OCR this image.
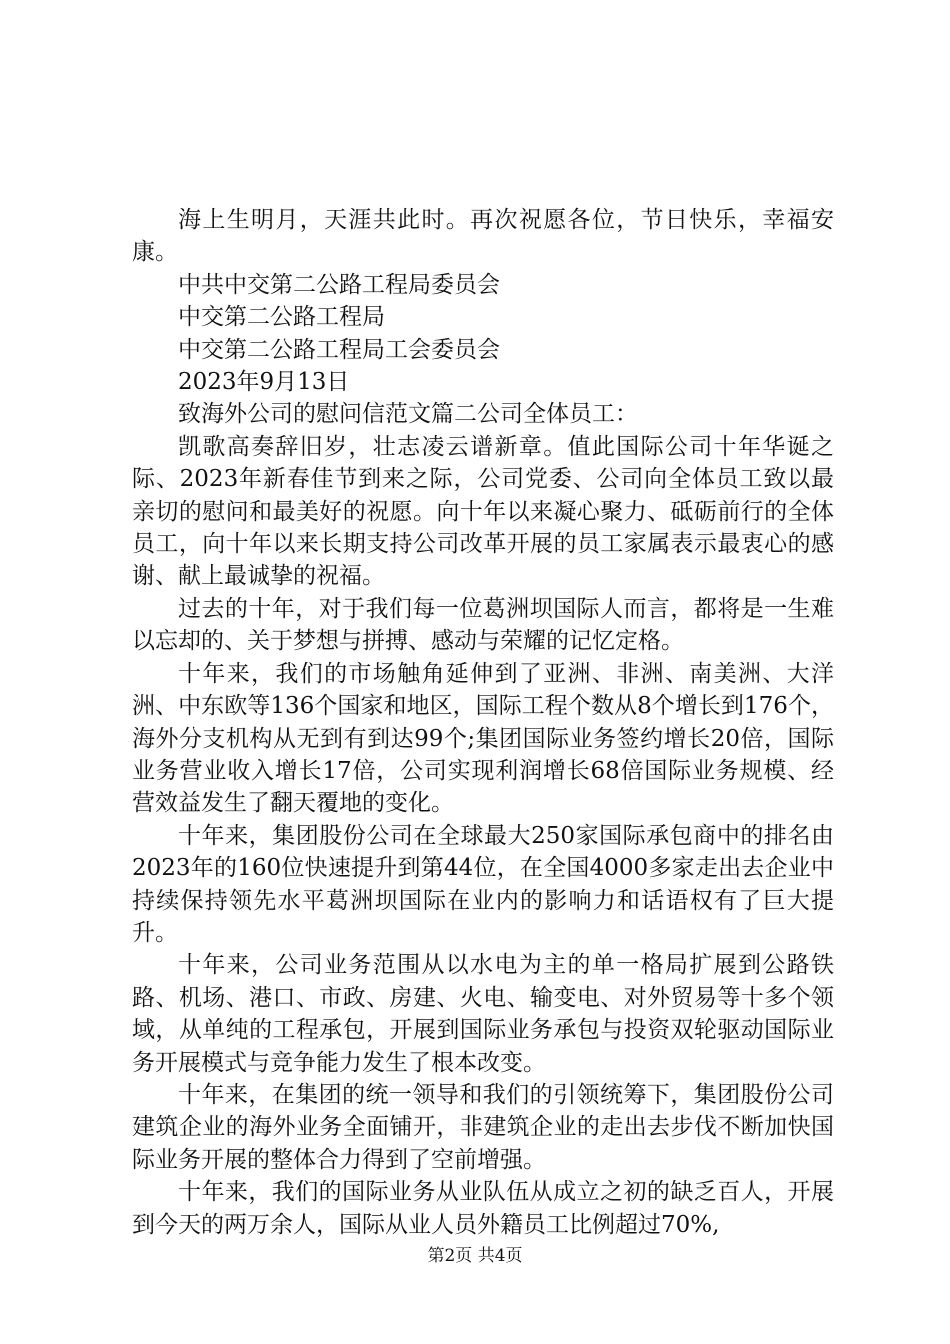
海上生明月，天涯共此时。再次祝愿各位，节日快乐，幸福安康。

中共中交第二公路工程局委员会

中交第二公路工程局

中交第二公路工程局工会委员会

2023年9月13日

致海外公司的慰问信范文篇二公司全体员工：

凯歌高奏辞旧岁，壮志凌云谱新章。值此国际公司十年华诞之际、2023年新春佳节到来之际，公司党委、公司向全体员工致以最亲切的慰问和最美好的祝愿。向十年以来凝心聚力、砥砺前行的全体员工，向十年以来长期支持公司改革开展的员工家属表示最衷心的感谢、献上最诚挚的祝福。

过去的十年，对于我们每一位葛洲坝国际人而言，都将是一生难以忘却的、关于梦想与拼搏、感动与荣耀的记忆定格。

十年来，我们的市场触角延伸到了亚洲、非洲、南美洲、大洋洲、中东欧等136个国家和地区，国际工程个数从8个增长到176个，海外分支机构从无到有到达99个;集团国际业务签约增长20倍，国际业务营业收入增长17倍，公司实现利润增长68倍国际业务规模、经营效益发生了翻天覆地的变化。

十年来，集团股份公司在全球最大250家国际承包商中的排名由2023年的160位快速提升到第44位，在全国4000多家走出去企业中持续保持领先水平葛洲坝国际在业内的影响力和话语权有了巨大提升。

十年来，公司业务范围从以水电为主的单一格局扩展到公路铁路、机场、港口、市政、房建、火电、输变电、对外贸易等十多个领域，从单纯的工程承包，开展到国际业务承包与投资双轮驱动国际业务开展模式与竞争能力发生了根本改变。

十年来，在集团的统一领导和我们的引领统筹下，集团股份公司建筑企业的海外业务全面铺开，非建筑企业的走出去步伐不断加快国际业务开展的整体合力得到了空前增强。

十年来，我们的国际业务从业队伍从成立之初的缺乏百人，开展到今天的两万余人，国际从业人员外籍员工比例超过70%,

第2页 共4页
